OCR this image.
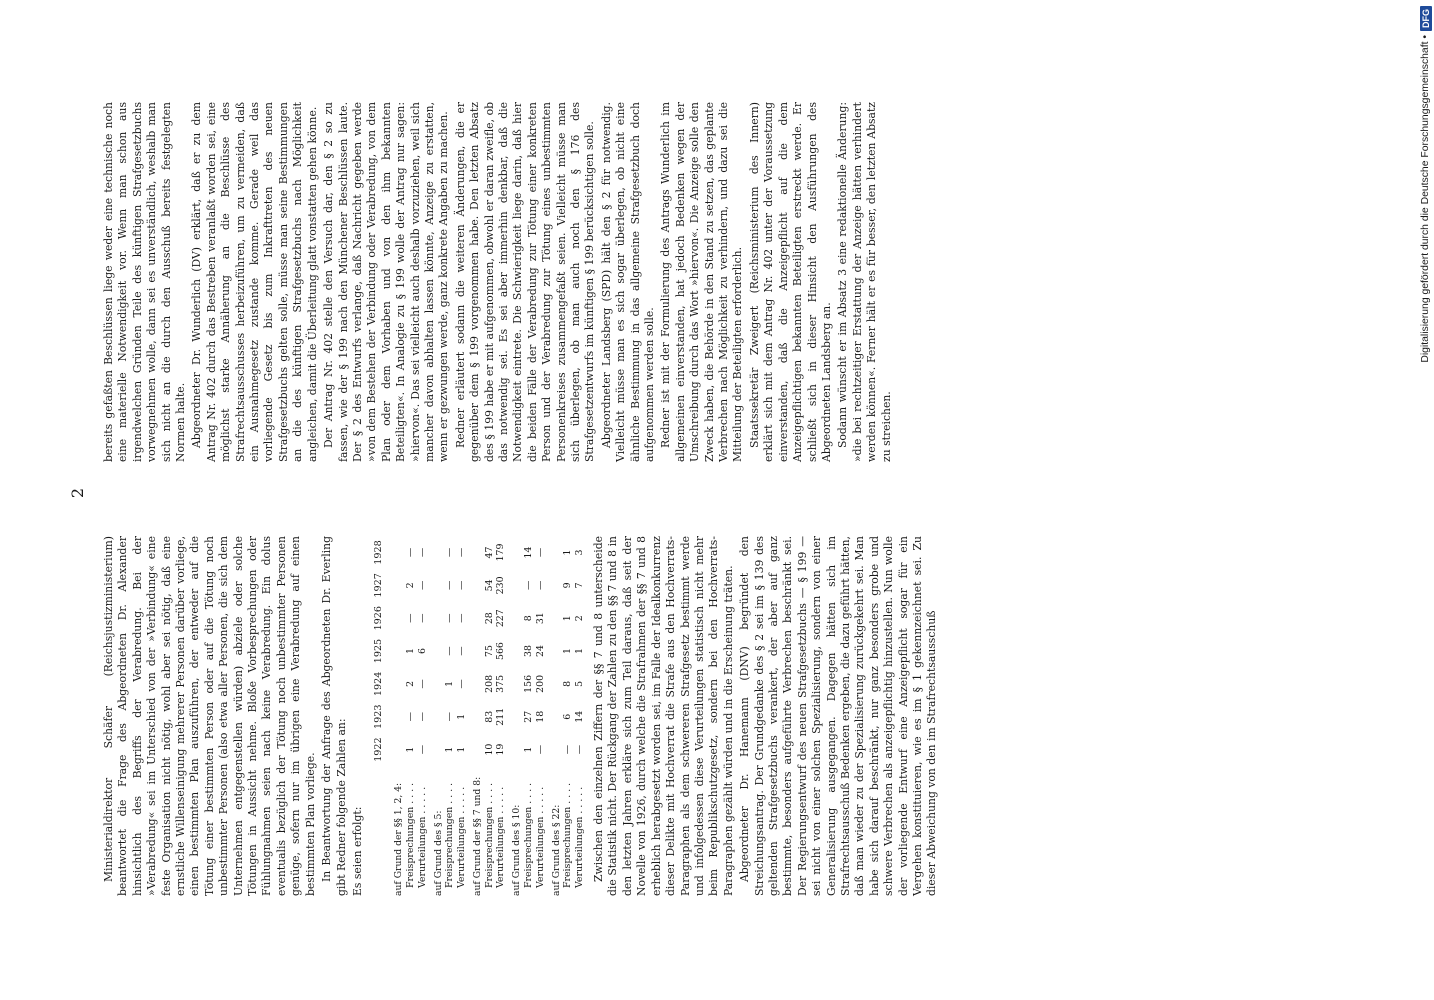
2

Ministerialdirektor Schäfer (Reichsjustizministerium) beantwortet die Frage des Abgeordneten Dr. Alexander hinsichtlich des Begriffs der Verabredung. Bei der »Verabredung« sei im Unterschied von der »Verbindung« eine feste Organisation nicht nötig, wohl aber sei nötig, daß eine ernstliche Willenseinigung mehrerer Personen darüber vorliege, einen bestimmten Plan auszuführen, der entweder auf die Tötung einer bestimmten Person oder auf die Tötung noch unbestimmter Personen (also etwa aller Personen, die sich dem Unternehmen entgegenstellen würden) abziele oder solche Tötungen in Aussicht nehme. Bloße Vorbesprechungen oder Fühlungnahmen seien nach keine Verabredung. Ein dolus eventualis bezüglich der Tötung noch unbestimmter Personen genüge, sofern nur im übrigen eine Verabredung auf einen bestimmten Plan vorliege. In Beantwortung der Anfrage des Abgeordneten Dr. Everling gibt Redner folgende Zahlen an: Es seien erfolgt:

	1922	1923	1924	1925	1926	1927	1928
auf Grund der §§ 1, 2, 4:							
Freisprechungen . . . .	1	—	2	1	—	2	—
Verurteilungen . . . . .	—	—	—	6	—	—	—
auf Grund des § 5:							
Freisprechungen . . . .	1	—	1	—	—	—	—
Verurteilungen . . . . .	1	1	—	—	—	—	—
auf Grund der §§ 7 und 8:							
Freisprechungen . . . .	10	83	208	75	28	54	47
Verurteilungen . . . . .	19	211	375	566	227	230	179
auf Grund des § 10:							
Freisprechungen . . . .	1	27	156	38	8	—	14
Verurteilungen . . . . .	—	18	200	24	31	—	—
auf Grund des § 22:							
Freisprechungen . . . .	—	6	8	1	1	9	1
Verurteilungen . . . . .	—	14	5	1	2	7	3 Zwischen den einzelnen Ziffern der §§ 7 und 8 unterscheide die Statistik nicht. Der Rückgang der Zahlen zu den §§ 7 und 8 in den letzten Jahren erkläre sich zum Teil daraus, daß seit der Novelle von 1926, durch welche die Strafrahmen der §§ 7 und 8 erheblich herabgesetzt worden sei, im Falle der Idealkonkurrenz dieser Delikte mit Hochverrat die Strafe aus den Hochverrats-Paragraphen als dem schwereren Strafgesetz bestimmt werde und infolgedessen diese Verurteilungen statistisch nicht mehr beim Republikschutzgesetz, sondern bei den Hochverrats-Paragraphen gezählt würden und in die Erscheinung träten. Abgeordneter Dr. Hanemann (DNV) begründet den Streichungsantrag. Der Grundgedanke des § 2 sei im § 139 des geltenden Strafgesetzbuchs verankert, der aber auf ganz bestimmte, besonders aufgeführte Verbrechen beschränkt sei. Der Regierungsentwurf des neuen Strafgesetzbuchs — § 199 — sei nicht von einer solchen Spezialisierung, sondern von einer Generalisierung ausgegangen. Dagegen hätten sich im Strafrechtsausschuß Bedenken ergeben, die dazu geführt hätten, daß man wieder zu der Spezialisierung zurückgekehrt sei. Man habe sich darauf beschränkt, nur ganz besonders grobe und schwere Verbrechen als anzeigepflichtig hinzustellen. Nun wolle der vorliegende Entwurf eine Anzeigepflicht sogar für ein Vergehen konstituieren, wie es im § 1 gekennzeichnet sei. Zu dieser Abweichung von den im Strafrechtsausschuß

bereits gefaßten Beschlüssen liege weder eine technische noch eine materielle Notwendigkeit vor. Wenn man schon aus irgendwelchen Gründen Teile des künftigen Strafgesetzbuchs vorwegnehmen wolle, dann sei es unverständlich, weshalb man sich nicht an die durch den Ausschuß bereits festgelegten Normen halte. Abgeordneter Dr. Wunderlich (DV) erklärt, daß er zu dem Antrag Nr. 402 durch das Bestreben veranlaßt worden sei, eine möglichst starke Annäherung an die Beschlüsse des Strafrechtsausschusses herbeizuführen, um zu vermeiden, daß ein Ausnahmegesetz zustande komme. Gerade weil das vorliegende Gesetz bis zum Inkrafttreten des neuen Strafgesetzbuchs gelten solle, müsse man seine Bestimmungen an die des künftigen Strafgesetzbuchs nach Möglichkeit angleichen, damit die Überleitung glatt vonstatten gehen könne. Der Antrag Nr. 402 stelle den Versuch dar, den § 2 so zu fassen, wie der § 199 nach den Münchener Beschlüssen laute. Der § 2 des Entwurfs verlange, daß Nachricht gegeben werde »von dem Bestehen der Verbindung oder Verabredung, von dem Plan oder dem Vorhaben und von den ihm bekannten Beteiligten«. In Analogie zu § 199 wolle der Antrag nur sagen: »hiervon«. Das sei vielleicht auch deshalb vorzuziehen, weil sich mancher davon abhalten lassen könnte, Anzeige zu erstatten, wenn er gezwungen werde, ganz konkrete Angaben zu machen. Redner erläutert sodann die weiteren Änderungen, die er gegenüber dem § 199 vorgenommen habe. Den letzten Absatz des § 199 habe er mit aufgenommen, obwohl er daran zweifle, ob das notwendig sei. Es sei aber immerhin denkbar, daß die Notwendigkeit eintrete. Die Schwierigkeit liege darin, daß hier die beiden Fälle der Verabredung zur Tötung einer konkreten Person und der Verabredung zur Tötung eines unbestimmten Personenkreises zusammengefaßt seien. Vielleicht müsse man sich überlegen, ob man auch noch den § 176 des Strafgesetzentwurfs im künftigen § 199 berücksichtigen solle. Abgeordneter Landsberg (SPD) hält den § 2 für notwendig. Vielleicht müsse man es sich sogar überlegen, ob nicht eine ähnliche Bestimmung in das allgemeine Strafgesetzbuch doch aufgenommen werden solle. Redner ist mit der Formulierung des Antrags Wunderlich im allgemeinen einverstanden, hat jedoch Bedenken wegen der Umschreibung durch das Wort »hiervon«. Die Anzeige solle den Zweck haben, die Behörde in den Stand zu setzen, das geplante Verbrechen nach Möglichkeit zu verhindern, und dazu sei die Mitteilung der Beteiligten erforderlich. Staatssekretär Zweigert (Reichsministerium des Innern) erklärt sich mit dem Antrag Nr. 402 unter der Voraussetzung einverstanden, daß die Anzeigepflicht auf die dem Anzeigepflichtigen bekannten Beteiligten erstreckt werde. Er schließt sich in dieser Hinsicht den Ausführungen des Abgeordneten Landsberg an. Sodann wünscht er im Absatz 3 eine redaktionelle Änderung: »die bei rechtzeitiger Erstattung der Anzeige hätten verhindert werden können«. Ferner hält er es für besser, den letzten Absatz zu streichen.

Digitalisierung gefördert durch die Deutsche Forschungsgemeinschaft •
DFG
